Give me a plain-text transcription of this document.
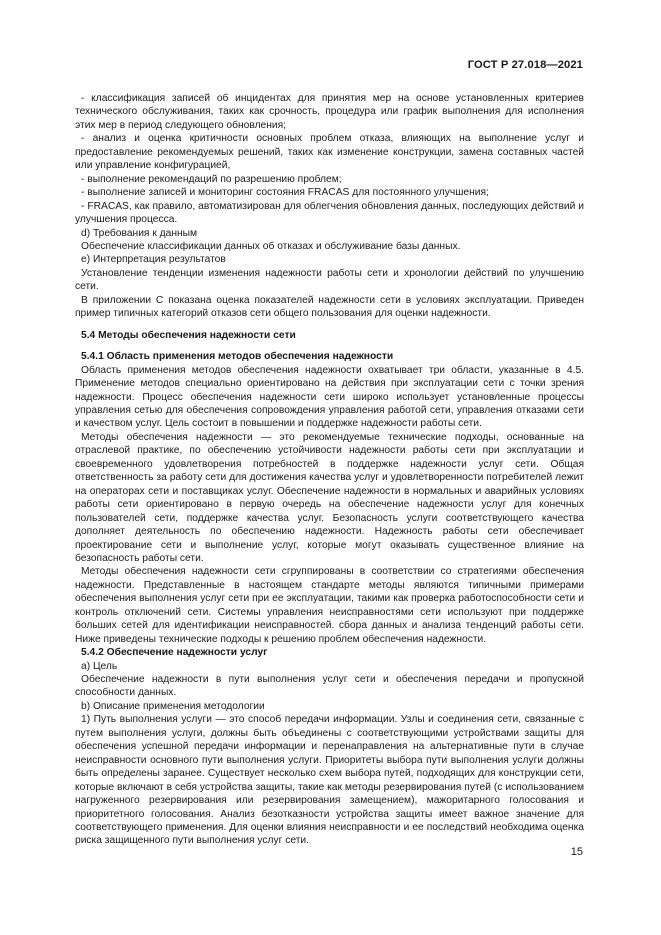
ГОСТ Р 27.018—2021

- классификация записей об инцидентах для принятия мер на основе установленных критериев технического обслуживания, таких как срочность, процедура или график выполнения для исполнения этих мер в период следующего обновления;

- анализ и оценка критичности основных проблем отказа, влияющих на выполнение услуг и предоставление рекомендуемых решений, таких как изменение конструкции, замена составных частей или управление конфигурацией,

- выполнение рекомендаций по разрешению проблем;

- выполнение записей и мониторинг состояния FRACAS для постоянного улучшения;

- FRACAS, как правило, автоматизирован для облегчения обновления данных, последующих действий и улучшения процесса.

d) Требования к данным

Обеспечение классификации данных об отказах и обслуживание базы данных.

e) Интерпретация результатов

Установление тенденции изменения надежности работы сети и хронологии действий по улучшению сети.

В приложении С показана оценка показателей надежности сети в условиях эксплуатации. Приведен пример типичных категорий отказов сети общего пользования для оценки надежности.

5.4 Методы обеспечения надежности сети

5.4.1 Область применения методов обеспечения надежности

Область применения методов обеспечения надежности охватывает три области, указанные в 4.5. Применение методов специально ориентировано на действия при эксплуатации сети с точки зрения надежности. Процесс обеспечения надежности сети широко использует установленные процессы управления сетью для обеспечения сопровождения управления работой сети, управления отказами сети и качеством услуг. Цель состоит в повышении и поддержке надежности работы сети.

Методы обеспечения надежности — это рекомендуемые технические подходы, основанные на отраслевой практике, по обеспечению устойчивости надежности работы сети при эксплуатации и своевременного удовлетворения потребностей в поддержке надежности услуг сети. Общая ответственность за работу сети для достижения качества услуг и удовлетворенности потребителей лежит на операторах сети и поставщиках услуг. Обеспечение надежности в нормальных и аварийных условиях работы сети ориентировано в первую очередь на обеспечение надежности услуг для конечных пользователей сети, поддержке качества услуг. Безопасность услуги соответствующего качества дополняет деятельность по обеспечению надежности. Надежность работы сети обеспечивает проектирование сети и выполнение услуг, которые могут оказывать существенное влияние на безопасность работы сети.

Методы обеспечения надежности сети сгруппированы в соответствии со стратегиями обеспечения надежности. Представленные в настоящем стандарте методы являются типичными примерами обеспечения выполнения услуг сети при ее эксплуатации, такими как проверка работоспособности сети и контроль отключений сети. Системы управления неисправностями сети используют при поддержке больших сетей для идентификации неисправностей. сбора данных и анализа тенденций работы сети. Ниже приведены технические подходы к решению проблем обеспечения надежности.

5.4.2 Обеспечение надежности услуг

a) Цель

Обеспечение надежности в пути выполнения услуг сети и обеспечения передачи и пропускной способности данных.

b) Описание применения методологии

1) Путь выполнения услуги — это способ передачи информации. Узлы и соединения сети, связанные с путем выполнения услуги, должны быть объединены с соответствующими устройствами защиты для обеспечения успешной передачи информации и перенаправления на альтернативные пути в случае неисправности основного пути выполнения услуги. Приоритеты выбора пути выполнения услуги должны быть определены заранее. Существует несколько схем выбора путей, подходящих для конструкции сети, которые включают в себя устройства защиты, такие как методы резервирования путей (с использованием нагруженного резервирования или резервирования замещением), мажоритарного голосования и приоритетного голосования. Анализ безотказности устройства защиты имеет важное значение для соответствующего применения. Для оценки влияния неисправности и ее последствий необходима оценка риска защищенного пути выполнения услуг сети.

15
